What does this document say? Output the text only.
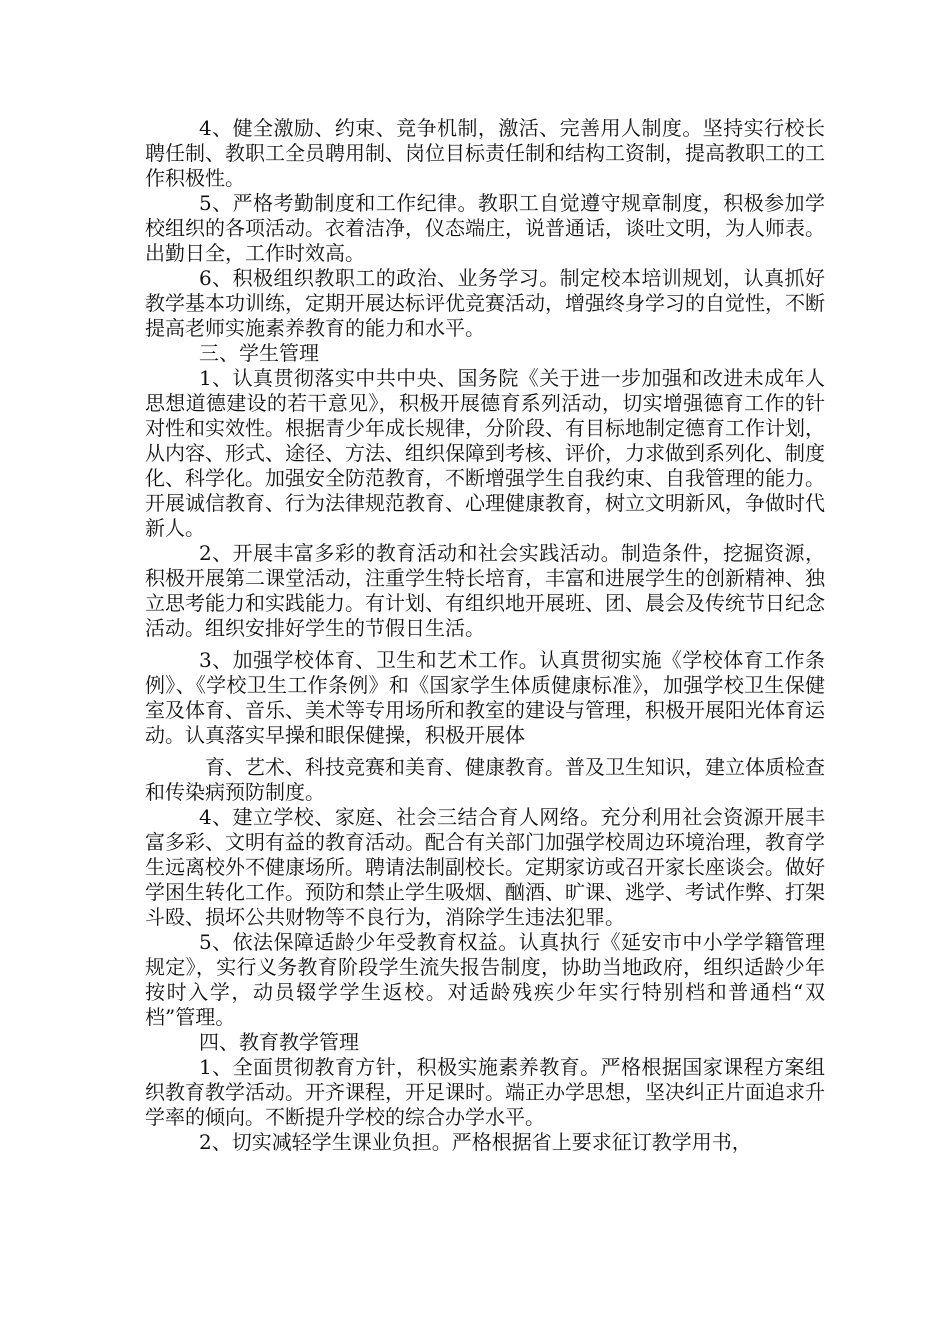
4、健全激励、约束、竞争机制，激活、完善用人制度。坚持实行校长聘任制、教职工全员聘用制、岗位目标责任制和结构工资制，提高教职工的工作积极性。

5、严格考勤制度和工作纪律。教职工自觉遵守规章制度，积极参加学校组织的各项活动。衣着洁净，仪态端庄，说普通话，谈吐文明，为人师表。出勤日全，工作时效高。

6、积极组织教职工的政治、业务学习。制定校本培训规划，认真抓好教学基本功训练，定期开展达标评优竞赛活动，增强终身学习的自觉性，不断提高老师实施素养教育的能力和水平。

三、学生管理

1、认真贯彻落实中共中央、国务院《关于进一步加强和改进未成年人思想道德建设的若干意见》，积极开展德育系列活动，切实增强德育工作的针对性和实效性。根据青少年成长规律，分阶段、有目标地制定德育工作计划，从内容、形式、途径、方法、组织保障到考核、评价，力求做到系列化、制度化、科学化。加强安全防范教育，不断增强学生自我约束、自我管理的能力。开展诚信教育、行为法律规范教育、心理健康教育，树立文明新风，争做时代新人。

2、开展丰富多彩的教育活动和社会实践活动。制造条件，挖掘资源，积极开展第二课堂活动，注重学生特长培育，丰富和进展学生的创新精神、独立思考能力和实践能力。有计划、有组织地开展班、团、晨会及传统节日纪念活动。组织安排好学生的节假日生活。

3、加强学校体育、卫生和艺术工作。认真贯彻实施《学校体育工作条例》、《学校卫生工作条例》和《国家学生体质健康标准》，加强学校卫生保健室及体育、音乐、美术等专用场所和教室的建设与管理，积极开展阳光体育运动。认真落实早操和眼保健操，积极开展体

育、艺术、科技竞赛和美育、健康教育。普及卫生知识，建立体质检查和传染病预防制度。

4、建立学校、家庭、社会三结合育人网络。充分利用社会资源开展丰富多彩、文明有益的教育活动。配合有关部门加强学校周边环境治理，教育学生远离校外不健康场所。聘请法制副校长。定期家访或召开家长座谈会。做好学困生转化工作。预防和禁止学生吸烟、酗酒、旷课、逃学、考试作弊、打架斗殴、损坏公共财物等不良行为，消除学生违法犯罪。

5、依法保障适龄少年受教育权益。认真执行《延安市中小学学籍管理规定》，实行义务教育阶段学生流失报告制度，协助当地政府，组织适龄少年按时入学，动员辍学学生返校。对适龄残疾少年实行特别档和普通档“双档”管理。

四、教育教学管理

1、全面贯彻教育方针，积极实施素养教育。严格根据国家课程方案组织教育教学活动。开齐课程，开足课时。端正办学思想，坚决纠正片面追求升学率的倾向。不断提升学校的综合办学水平。

2、切实减轻学生课业负担。严格根据省上要求征订教学用书，
